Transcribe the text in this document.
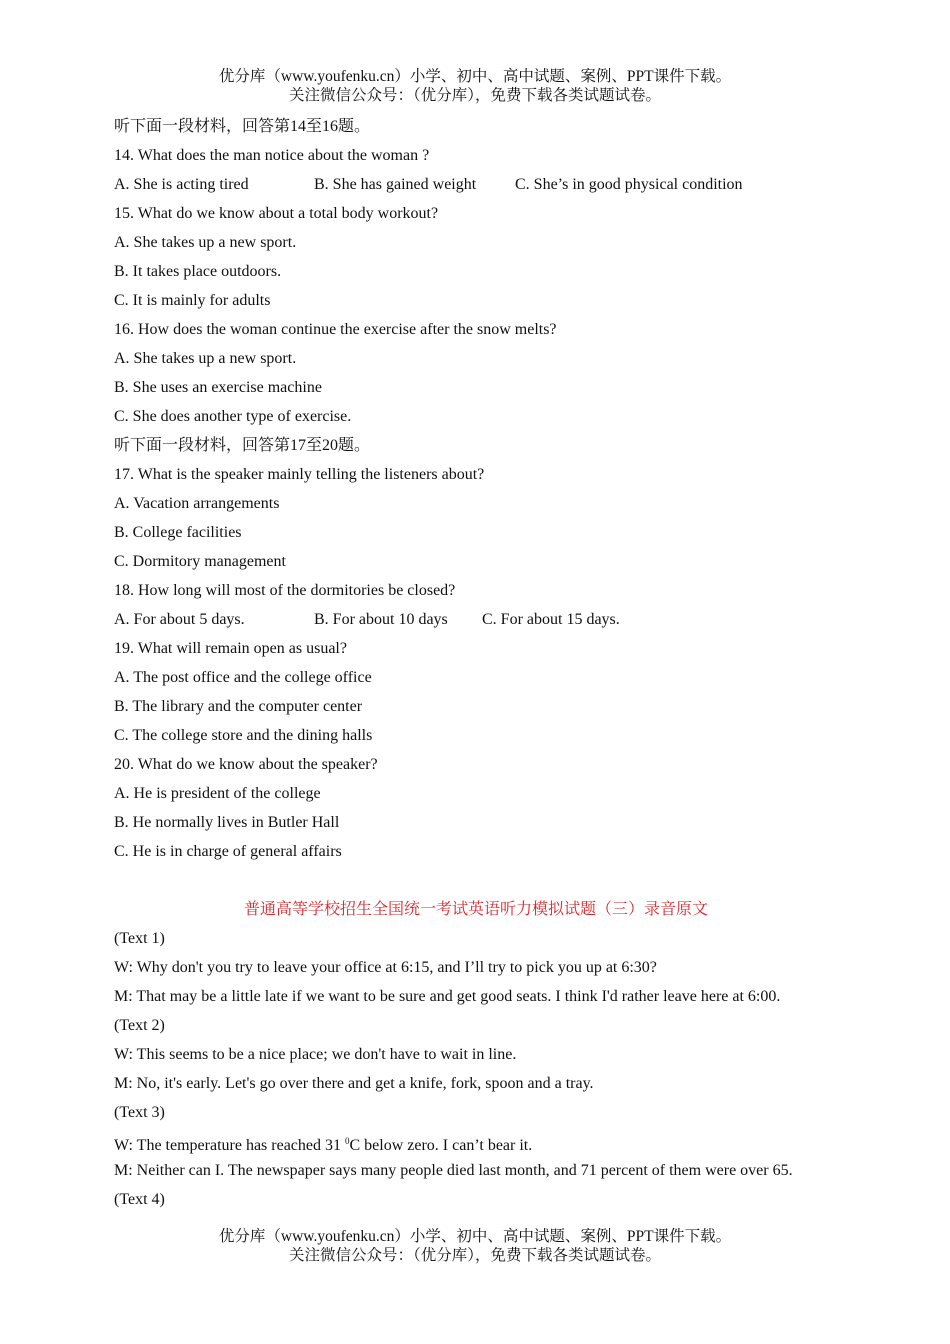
优分库（www.youfenku.cn）小学、初中、高中试题、案例、PPT课件下载。
关注微信公众号：（优分库），免费下载各类试题试卷。
听下面一段材料，回答第14至16题。
14. What does the man notice about the woman ?
A. She is acting tired	B. She has gained weight C. She’s in good physical condition
15. What do we know about a total body workout?
A. She takes up a new sport.
B. It takes place outdoors.
C. It is mainly for adults
16. How does the woman continue the exercise after the snow melts?
A. She takes up a new sport.
B. She uses an exercise machine
C. She does another type of exercise.
听下面一段材料，回答第17至20题。
17. What is the speaker mainly telling the listeners about?
A. Vacation arrangements
B. College facilities
C. Dormitory management
18. How long will most of the dormitories be closed?
A. For about 5 days.	B. For about 10 days C. For about 15 days.
19. What will remain open as usual?
A. The post office and the college office
B. The library and the computer center
C. The college store and the dining halls
20. What do we know about the speaker?
A. He is president of the college
B. He normally lives in Butler Hall
C. He is in charge of general affairs
普通高等学校招生全国统一考试英语听力模拟试题（三）录音原文
(Text 1)
W: Why don't you try to leave your office at 6:15, and I’ll try to pick you up at 6:30?
M: That may be a little late if we want to be sure and get good seats. I think I'd rather leave here at 6:00.
(Text 2)
W: This seems to be a nice place; we don't have to wait in line.
M: No, it's early. Let's go over there and get a knife, fork, spoon and a tray.
(Text 3)
W: The temperature has reached 31 $^0$C below zero. I can’t bear it.
M: Neither can I. The newspaper says many people died last month, and 71 percent of them were over 65.
(Text 4)
优分库（www.youfenku.cn）小学、初中、高中试题、案例、PPT课件下载。
关注微信公众号：（优分库），免费下载各类试题试卷。
